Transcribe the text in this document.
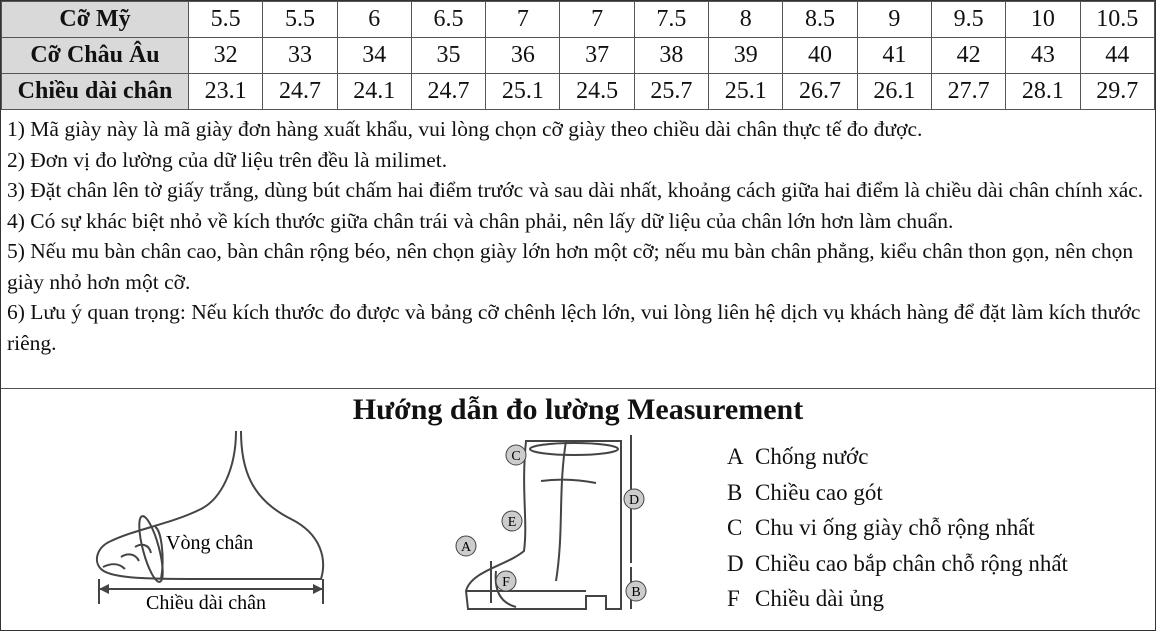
Cỡ Mỹ	5.5	5.5	6	6.5	7	7	7.5	8	8.5	9	9.5	10	10.5
Cỡ Châu Âu	32	33	34	35	36	37	38	39	40	41	42	43	44
Chiều dài chân	23.1	24.7	24.1	24.7	25.1	24.5	25.7	25.1	26.7	26.1	27.7	28.1	29.7
1) Mã giày này là mã giày đơn hàng xuất khẩu, vui lòng chọn cỡ giày theo chiều dài chân thực tế đo được.
2) Đơn vị đo lường của dữ liệu trên đều là milimet.
3) Đặt chân lên tờ giấy trắng, dùng bút chấm hai điểm trước và sau dài nhất, khoảng cách giữa hai điểm là chiều dài chân chính xác.
4) Có sự khác biệt nhỏ về kích thước giữa chân trái và chân phải, nên lấy dữ liệu của chân lớn hơn làm chuẩn.
5) Nếu mu bàn chân cao, bàn chân rộng béo, nên chọn giày lớn hơn một cỡ; nếu mu bàn chân phẳng, kiểu chân thon gọn, nên chọn giày nhỏ hơn một cỡ.
6) Lưu ý quan trọng: Nếu kích thước đo được và bảng cỡ chênh lệch lớn, vui lòng liên hệ dịch vụ khách hàng để đặt làm kích thước riêng.
Hướng dẫn đo lường Measurement
Vòng chân
Chiều dài chân
C
D
E
A
F
B
A Chống nước
B Chiều cao gót
C Chu vi ống giày chỗ rộng nhất
D Chiều cao bắp chân chỗ rộng nhất
F Chiều dài ủng
